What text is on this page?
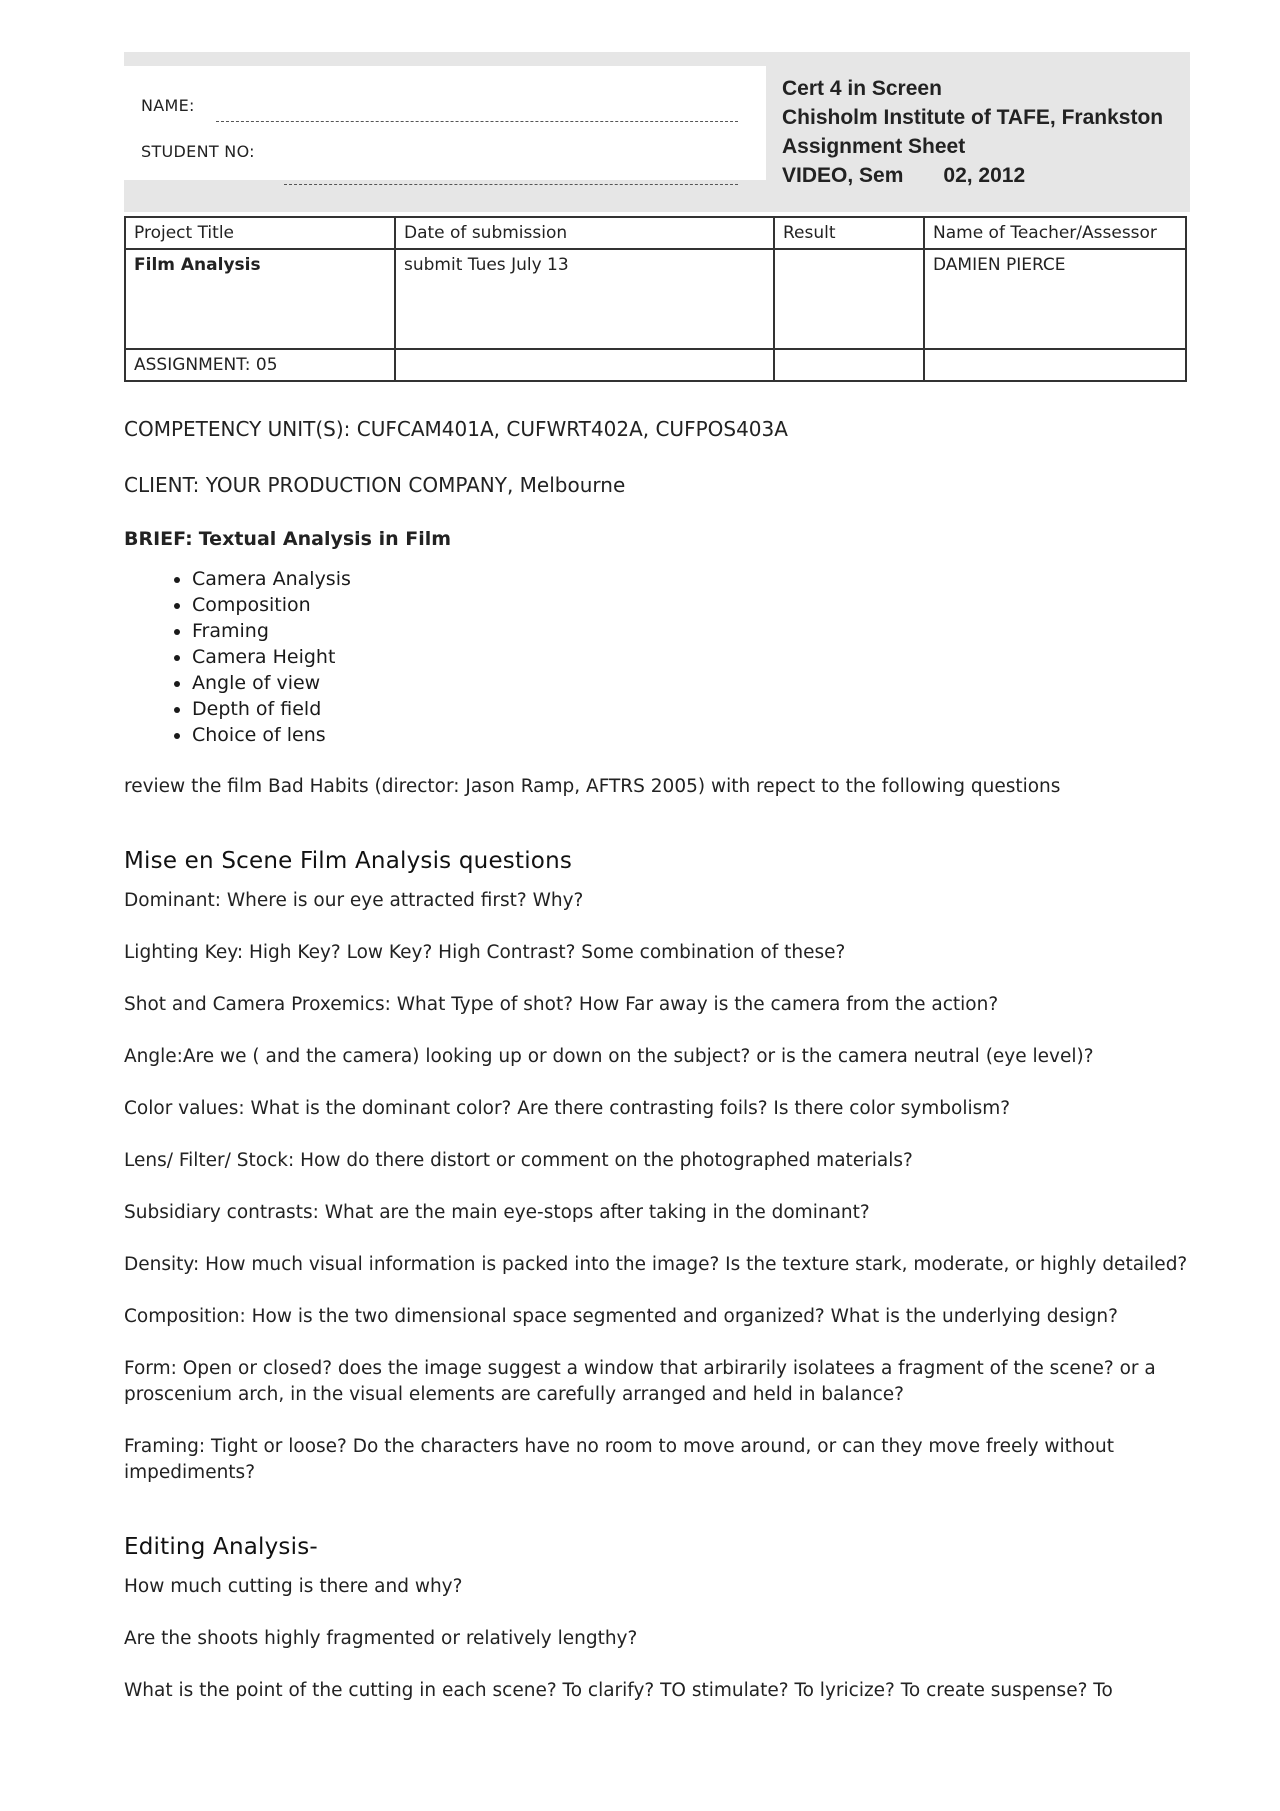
NAME:
STUDENT NO:
Cert 4 in Screen
Chisholm Institute of TAFE, Frankston
Assignment Sheet
VIDEO, Sem 02, 2012
Project Title	Date of submission	Result	Name of Teacher/Assessor
Film Analysis	submit Tues July 13		DAMIEN PIERCE
ASSIGNMENT: 05			

COMPETENCY UNIT(S): CUFCAM401A, CUFWRT402A, CUFPOS403A

CLIENT: YOUR PRODUCTION COMPANY, Melbourne

BRIEF: Textual Analysis in Film

• Camera Analysis
• Composition
• Framing
• Camera Height
• Angle of view
• Depth of field
• Choice of lens

review the film Bad Habits (director: Jason Ramp, AFTRS 2005) with repect to the following questions

Mise en Scene Film Analysis questions

Dominant: Where is our eye attracted first? Why?

Lighting Key: High Key? Low Key? High Contrast? Some combination of these?

Shot and Camera Proxemics: What Type of shot? How Far away is the camera from the action?

Angle:Are we ( and the camera) looking up or down on the subject? or is the camera neutral (eye level)?

Color values: What is the dominant color? Are there contrasting foils? Is there color symbolism?

Lens/ Filter/ Stock: How do there distort or comment on the photographed materials?

Subsidiary contrasts: What are the main eye-stops after taking in the dominant?

Density: How much visual information is packed into the image? Is the texture stark, moderate, or highly detailed?

Composition: How is the two dimensional space segmented and organized? What is the underlying design?

Form: Open or closed? does the image suggest a window that arbirarily isolatees a fragment of the scene? or a proscenium arch, in the visual elements are carefully arranged and held in balance?

Framing: Tight or loose? Do the characters have no room to move around, or can they move freely without impediments?

Editing Analysis-

How much cutting is there and why?

Are the shoots highly fragmented or relatively lengthy?

What is the point of the cutting in each scene? To clarify? TO stimulate? To lyricize? To create suspense? To
